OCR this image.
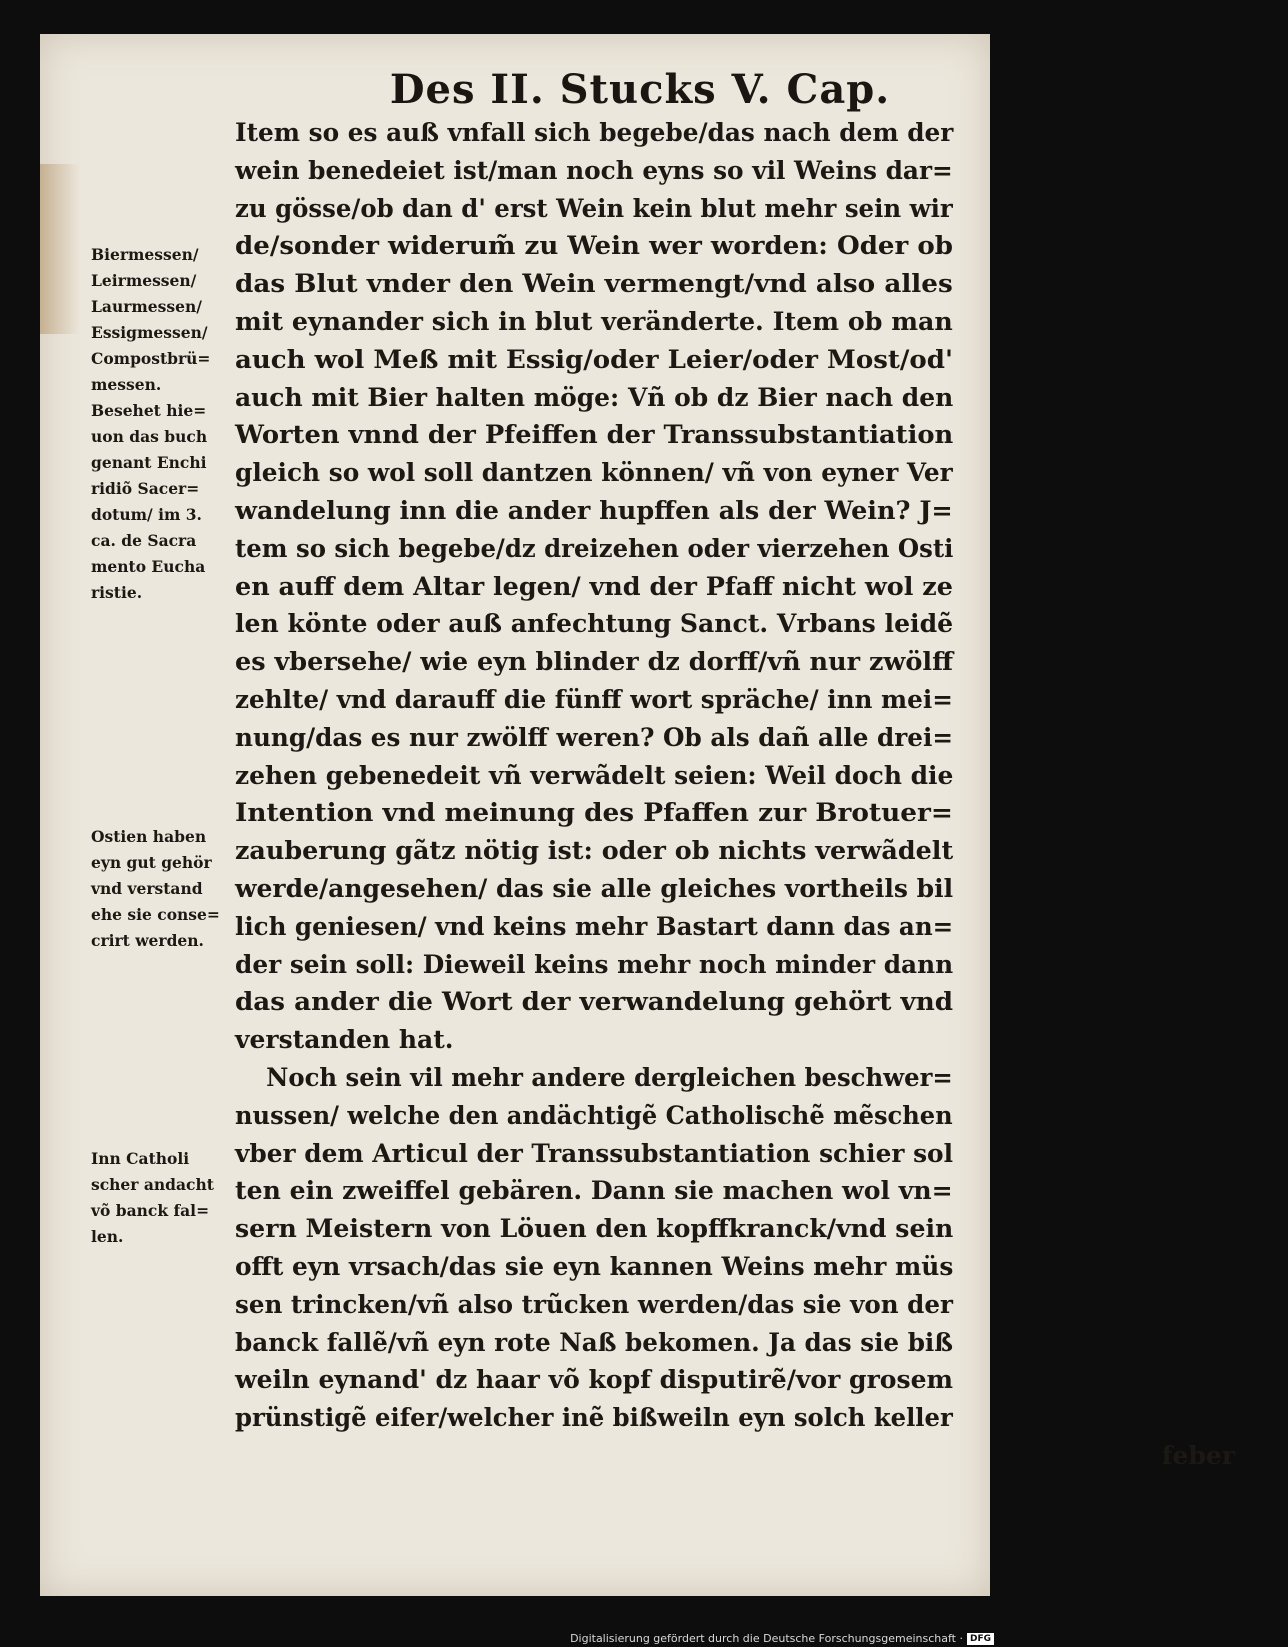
Des II. Stucks V. Cap.
Item so es auß vnfall sich begebe/das nach dem der
wein benedeiet ist/man noch eyns so vil Weins dar=
zu gösse/ob dan d' erst Wein kein blut mehr sein wir
de/sonder widerum̃ zu Wein wer worden: Oder ob
das Blut vnder den Wein vermengt/vnd also alles
mit eynander sich in blut veränderte. Item ob man
auch wol Meß mit Essig/oder Leier/oder Most/od'
auch mit Bier halten möge: Vñ ob dz Bier nach den
Worten vnnd der Pfeiffen der Transsubstantiation
gleich so wol soll dantzen können/ vñ von eyner Ver
wandelung inn die ander hupffen als der Wein? J=
tem so sich begebe/dz dreizehen oder vierzehen Osti
en auff dem Altar legen/ vnd der Pfaff nicht wol ze
len könte oder auß anfechtung Sanct. Vrbans leidẽ
es vbersehe/ wie eyn blinder dz dorff/vñ nur zwölff
zehlte/ vnd darauff die fünff wort spräche/ inn mei=
nung/das es nur zwölff weren? Ob als dañ alle drei=
zehen gebenedeit vñ verwãdelt seien: Weil doch die
Intention vnd meinung des Pfaffen zur Brotuer=
zauberung gãtz nötig ist: oder ob nichts verwãdelt
werde/angesehen/ das sie alle gleiches vortheils bil
lich geniesen/ vnd keins mehr Bastart dann das an=
der sein soll: Dieweil keins mehr noch minder dann
das ander die Wort der verwandelung gehört vnd
verstanden hat.
Noch sein vil mehr andere dergleichen beschwer=
nussen/ welche den andächtigẽ Catholischẽ mẽschen
vber dem Articul der Transsubstantiation schier sol
ten ein zweiffel gebären. Dann sie machen wol vn=
sern Meistern von Löuen den kopffkranck/vnd sein
offt eyn vrsach/das sie eyn kannen Weins mehr müs
sen trincken/vñ also trũcken werden/das sie von der
banck fallẽ/vñ eyn rote Naß bekomen. Ja das sie biß
weiln eynand' dz haar võ kopf disputirẽ/vor grosem
prünstigẽ eifer/welcher inẽ bißweiln eyn solch keller
feber
Biermessen/
Leirmessen/
Laurmessen/
Essigmessen/
Compostbrü=
messen.
Besehet hie=
uon das buch
genant Enchi
ridiõ Sacer=
dotum/ im 3.
ca. de Sacra
mento Eucha
ristie.
Ostien haben
eyn gut gehör
vnd verstand
ehe sie conse=
crirt werden.
Inn Catholi
scher andacht
võ banck fal=
len.
Digitalisierung gefördert durch die Deutsche Forschungsgemeinschaft · DFG
